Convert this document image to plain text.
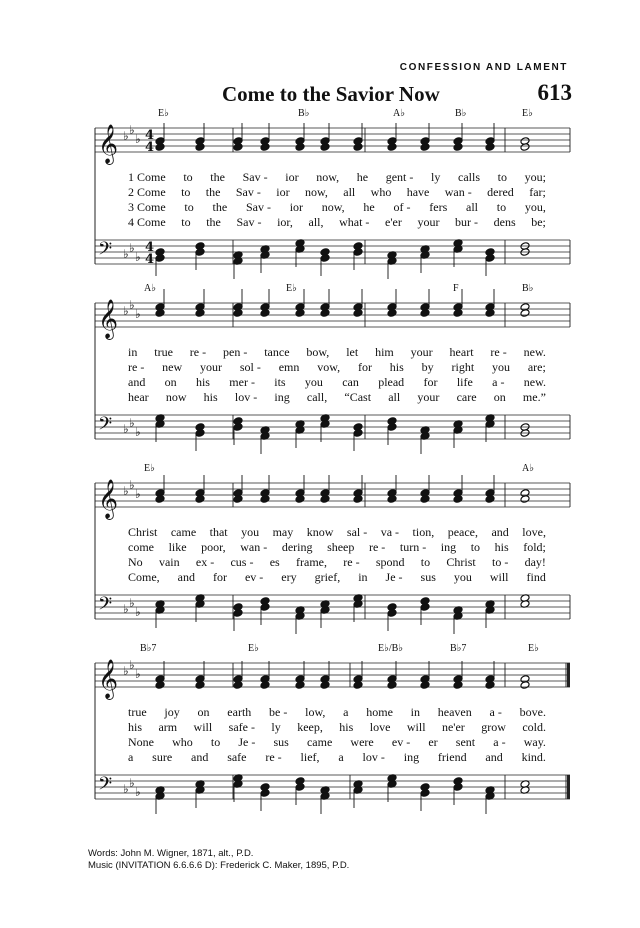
CONFESSION AND LAMENT
Come to the Savior Now	613
E♭	B♭	A♭	B♭	E♭
𝄞 ♭ ♭
♭ 4
4
𝄢 ♭ ♭
♭
4
4
1 Come to the Sav - ior now, he gent - ly calls to you;
2 Come to the Sav - ior now, all who have wan - dered far;
3 Come to the Sav - ior now, he of - fers all to you,
4 Come to the Sav - ior, all, what - e'er your bur - dens be;
A♭	E♭	F	B♭
𝄞 ♭ ♭
♭
𝄢 ♭ ♭
♭
in true re - pen - tance bow, let him your heart re - new.
re - new your sol - emn vow, for his by right you are;
and on his mer - its you can plead for life a - new.
hear now his lov - ing call, “Cast all your care on me.”
E♭	A♭
𝄞 ♭ ♭
♭
𝄢 ♭ ♭
♭
Christ came that you may know sal - va - tion, peace, and love,
come like poor, wan - dering sheep re - turn - ing to his fold;
No vain ex - cus - es frame, re - spond to Christ to - day!
Come, and for ev - ery grief, in Je - sus you will find
B♭7	E♭	E♭/B♭	B♭7	E♭
𝄞 ♭ ♭
♭
𝄢 ♭ ♭
♭
true joy on earth be - low, a home in heaven a - bove.
his arm will safe - ly keep, his love will ne'er grow cold.
None who to Je - sus came were ev - er sent a - way.
a sure and safe re - lief, a lov - ing friend and kind.
Words: John M. Wigner, 1871, alt., P.D.
Music (INVITATION 6.6.6.6 D): Frederick C. Maker, 1895, P.D.
